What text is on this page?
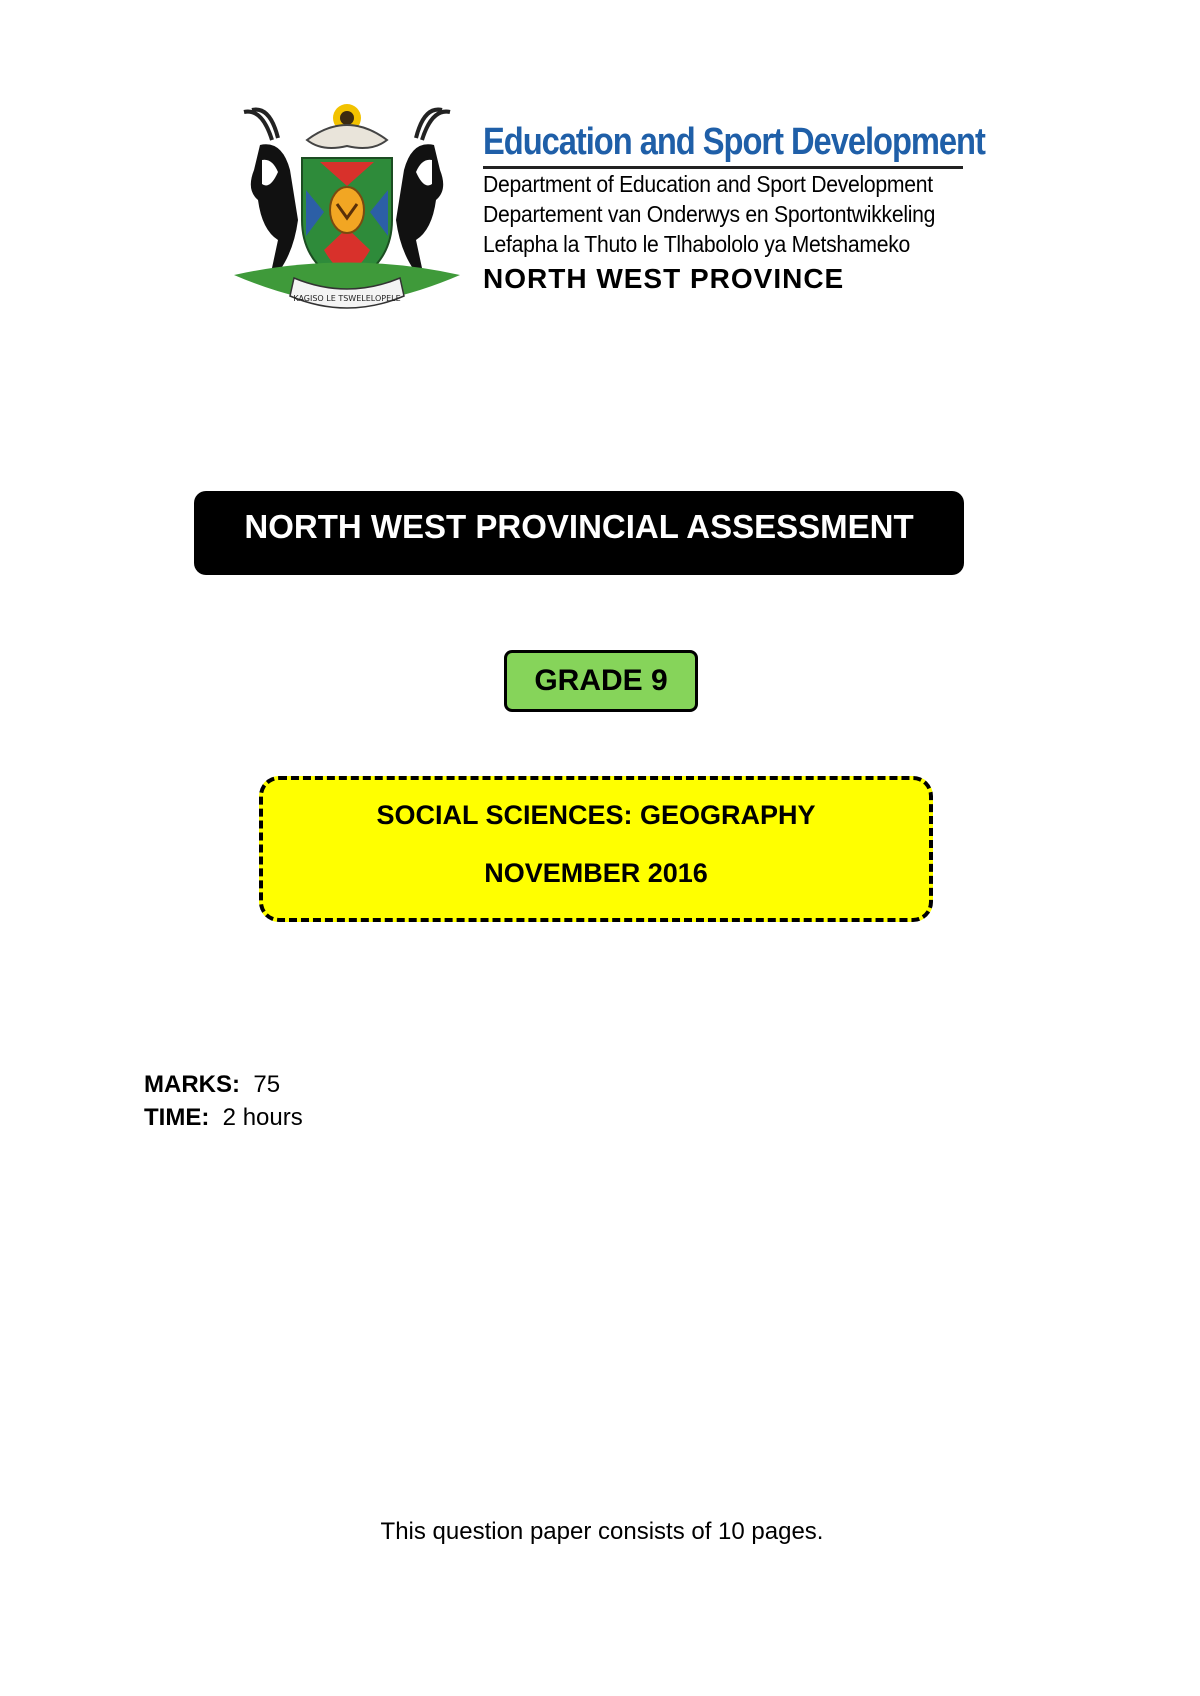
KAGISO LE TSWELELOPELE
Education and Sport Development
Department of Education and Sport Development
Departement van Onderwys en Sportontwikkeling
Lefapha la Thuto le Tlhabololo ya Metshameko
NORTH WEST PROVINCE
NORTH WEST PROVINCIAL ASSESSMENT
GRADE 9
SOCIAL SCIENCES: GEOGRAPHY
NOVEMBER 2016
MARKS: 75
TIME: 2 hours
This question paper consists of 10 pages.
